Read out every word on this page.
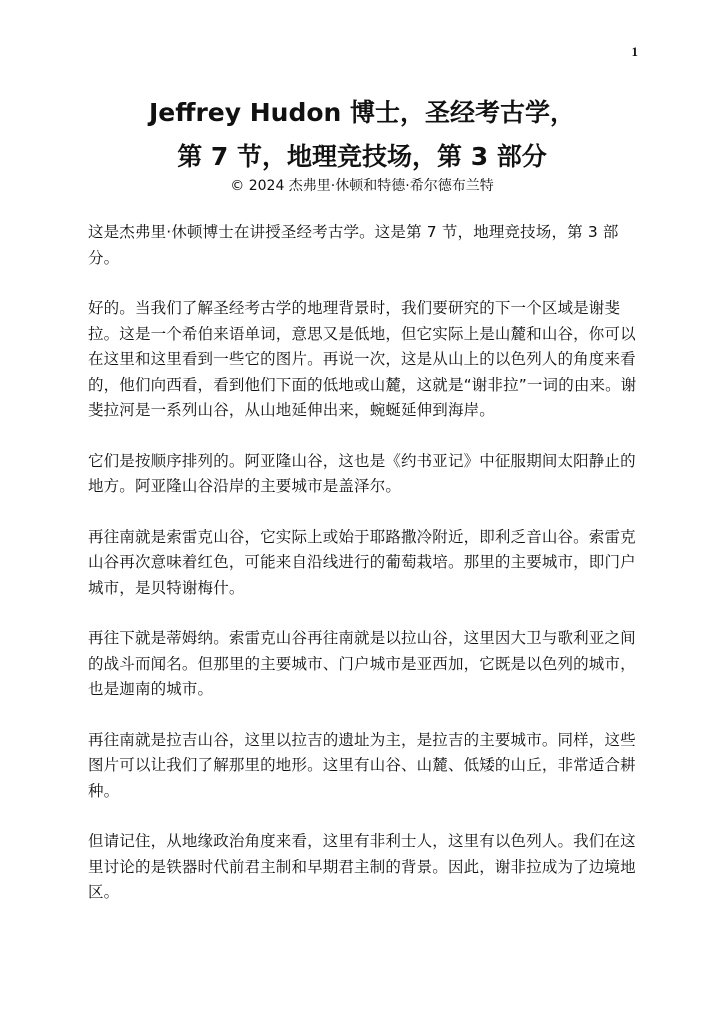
1
Jeffrey Hudon 博士，圣经考古学，
第 7 节，地理竞技场，第 3 部分
© 2024 杰弗里·休顿和特德·希尔德布兰特

这是杰弗里·休顿博士在讲授圣经考古学。这是第 7 节，地理竞技场，第 3 部分。

好的。当我们了解圣经考古学的地理背景时，我们要研究的下一个区域是谢斐拉。这是一个希伯来语单词，意思又是低地，但它实际上是山麓和山谷，你可以在这里和这里看到一些它的图片。再说一次，这是从山上的以色列人的角度来看的，他们向西看，看到他们下面的低地或山麓，这就是“谢非拉”一词的由来。谢斐拉河是一系列山谷，从山地延伸出来，蜿蜒延伸到海岸。

它们是按顺序排列的。阿亚隆山谷，这也是《约书亚记》中征服期间太阳静止的地方。阿亚隆山谷沿岸的主要城市是盖泽尔。

再往南就是索雷克山谷，它实际上或始于耶路撒冷附近，即利乏音山谷。索雷克山谷再次意味着红色，可能来自沿线进行的葡萄栽培。那里的主要城市，即门户城市，是贝特谢梅什。

再往下就是蒂姆纳。索雷克山谷再往南就是以拉山谷，这里因大卫与歌利亚之间的战斗而闻名。但那里的主要城市、门户城市是亚西加，它既是以色列的城市，也是迦南的城市。

再往南就是拉吉山谷，这里以拉吉的遗址为主，是拉吉的主要城市。同样，这些图片可以让我们了解那里的地形。这里有山谷、山麓、低矮的山丘，非常适合耕种。

但请记住，从地缘政治角度来看，这里有非利士人，这里有以色列人。我们在这里讨论的是铁器时代前君主制和早期君主制的背景。因此，谢非拉成为了边境地区。
